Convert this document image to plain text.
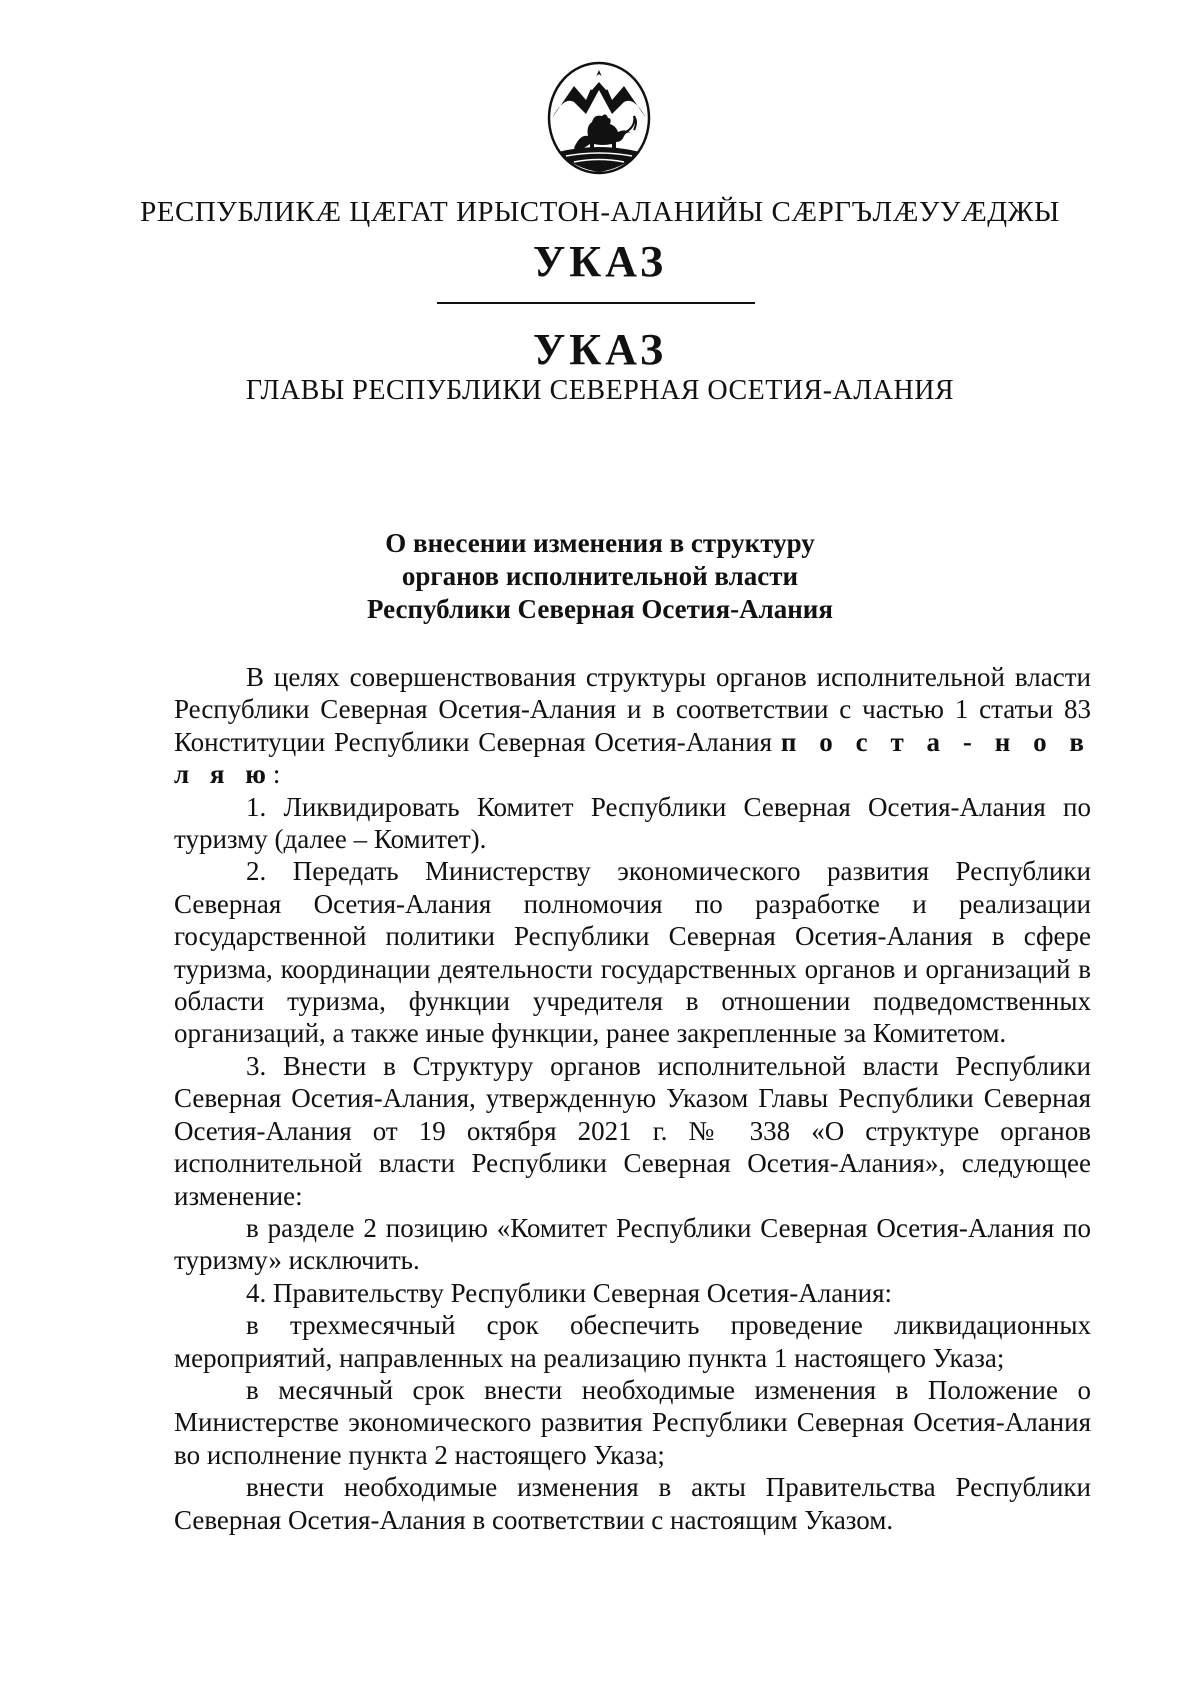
РЕСПУБЛИКӔ ЦӔГАТ ИРЫСТОН-АЛАНИЙЫ СӔРГЪЛӔУУӔДЖЫ
УКАЗ
УКАЗ
ГЛАВЫ РЕСПУБЛИКИ СЕВЕРНАЯ ОСЕТИЯ-АЛАНИЯ
О внесении изменения в структуру
органов исполнительной власти
Республики Северная Осетия-Алания

В целях совершенствования структуры органов исполнительной власти Республики Северная Осетия-Алания и в соответствии с частью 1 статьи 83 Конституции Республики Северная Осетия-Алания п о с т а - н о в л я ю:

1. Ликвидировать Комитет Республики Северная Осетия-Алания по туризму (далее – Комитет).

2. Передать Министерству экономического развития Республики Северная Осетия-Алания полномочия по разработке и реализации государственной политики Республики Северная Осетия-Алания в сфере туризма, координации деятельности государственных органов и организаций в области туризма, функции учредителя в отношении подведомственных организаций, а также иные функции, ранее закрепленные за Комитетом.

3. Внести в Структуру органов исполнительной власти Республики Северная Осетия-Алания, утвержденную Указом Главы Республики Северная Осетия-Алания от 19 октября 2021 г. № 338 «О структуре органов исполнительной власти Республики Северная Осетия-Алания», следующее изменение:

в разделе 2 позицию «Комитет Республики Северная Осетия-Алания по туризму» исключить.

4. Правительству Республики Северная Осетия-Алания:

в трехмесячный срок обеспечить проведение ликвидационных мероприятий, направленных на реализацию пункта 1 настоящего Указа;

в месячный срок внести необходимые изменения в Положение о Министерстве экономического развития Республики Северная Осетия-Алания во исполнение пункта 2 настоящего Указа;

внести необходимые изменения в акты Правительства Республики Северная Осетия-Алания в соответствии с настоящим Указом.
